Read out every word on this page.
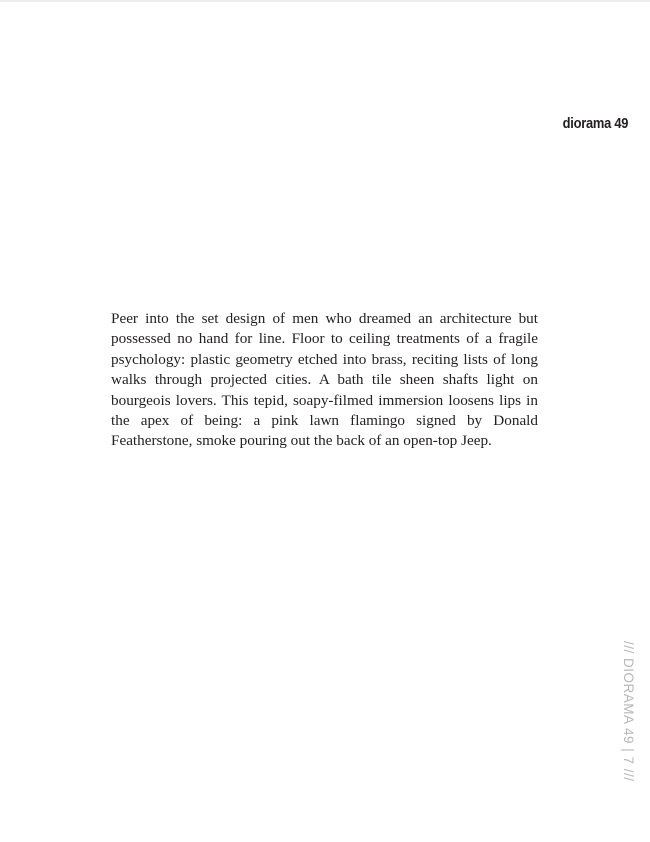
diorama 49

Peer into the set design of men who dreamed an architecture but possessed no hand for line. Floor to ceiling treatments of a fragile psychology: plastic geometry etched into brass, reciting lists of long walks through projected cities. A bath tile sheen shafts light on bourgeois lovers. This tepid, soapy-filmed immersion loosens lips in the apex of being: a pink lawn flamingo signed by Donald Featherstone, smoke pouring out the back of an open-top Jeep.

/// DIORAMA 49 | 7 ///
